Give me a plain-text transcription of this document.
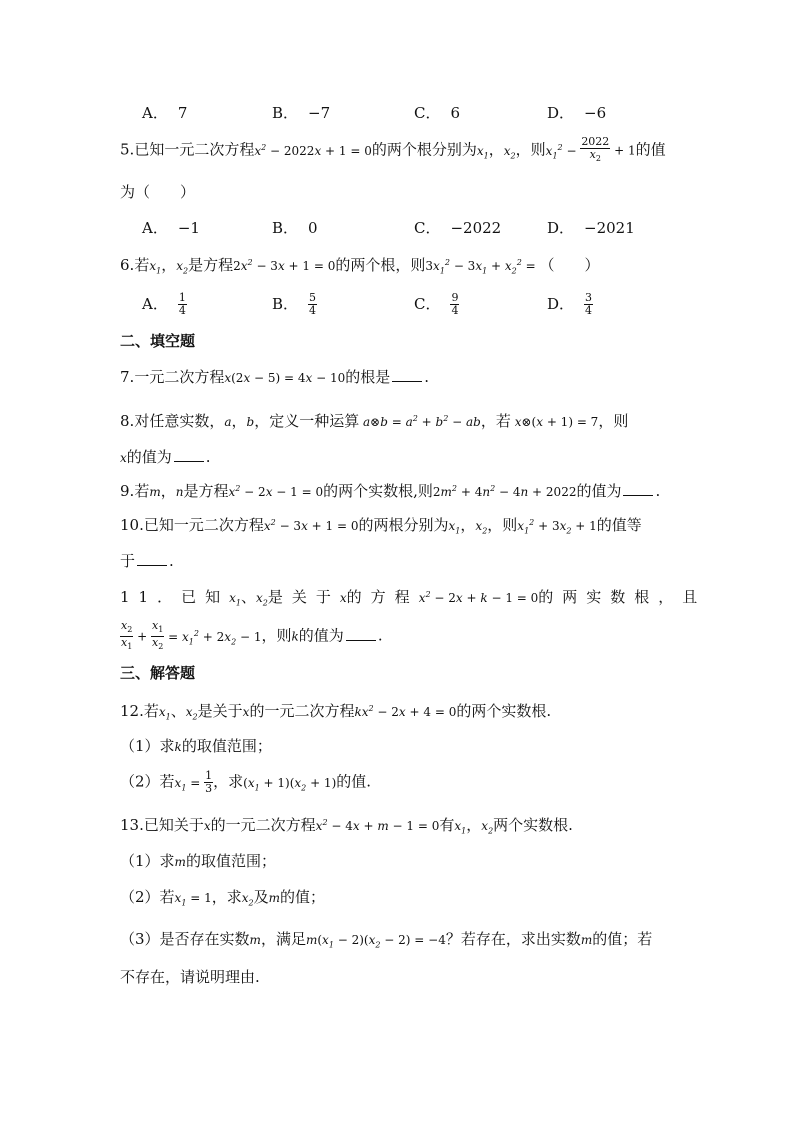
A． 7	B． −7	C． 6	D． −6
5.已知一元二次方程$x^2 - 2022x + 1 = 0$的两个根分别为$x_1$，$x_2$，则$x_1^2 - \frac{2022}{x_2} + 1$的值
为（　　）
A． −1	B． 0	C． −2022	D． −2021
6.若$x_1$，$x_2$是方程$2x^2 - 3x + 1 = 0$的两个根，则$3x_1^2 - 3x_1 + x_2^2$ = （　　）
A． $\frac{1}{4}$	B． $\frac{5}{4}$	C． $\frac{9}{4}$	D． $\frac{3}{4}$
二、填空题
7.一元二次方程x(2x − 5) = 4x − 10的根是 .
8.对任意实数，a，b，定义一种运算 a⊗b = $a^2 + b^2$ − ab，若 x⊗(x + 1) = 7，则
x的值为 .
9.若m，n是方程$x^2 - 2x - 1 = 0$的两个实数根,则$2m^2 + 4n^2 - 4n + 2022$的值为 .
10.已知一元二次方程$x^2 - 3x + 1 = 0$的两根分别为$x_1$，$x_2$，则$x_1^2 + 3x_2 + 1$的值等
于 .
11．已知$x_1$、$x_2$是关于x的方程$x^2 - 2x + k - 1 = 0$的两实数根，且
$\frac{x_2}{x_1} + \frac{x_1}{x_2} = x_1^2 + 2x_2 - 1$，则k的值为 .
三、解答题
12.若$x_1$、$x_2$是关于x的一元二次方程$kx^2 - 2x + 4 = 0$的两个实数根.
（1）求k的取值范围；
（2）若$x_1 = \frac{1}{3}$ ，求$(x_1 + 1)(x_2 + 1)$的值.
13.已知关于x的一元二次方程$x^2 - 4x + m - 1 = 0$有$x_1$，$x_2$两个实数根.
（1）求m的取值范围；
（2）若$x_1 = 1$，求$x_2$及m的值；
（3）是否存在实数m，满足$m(x_1 - 2)(x_2 - 2) = -4$？若存在，求出实数m的值；若
不存在，请说明理由.
